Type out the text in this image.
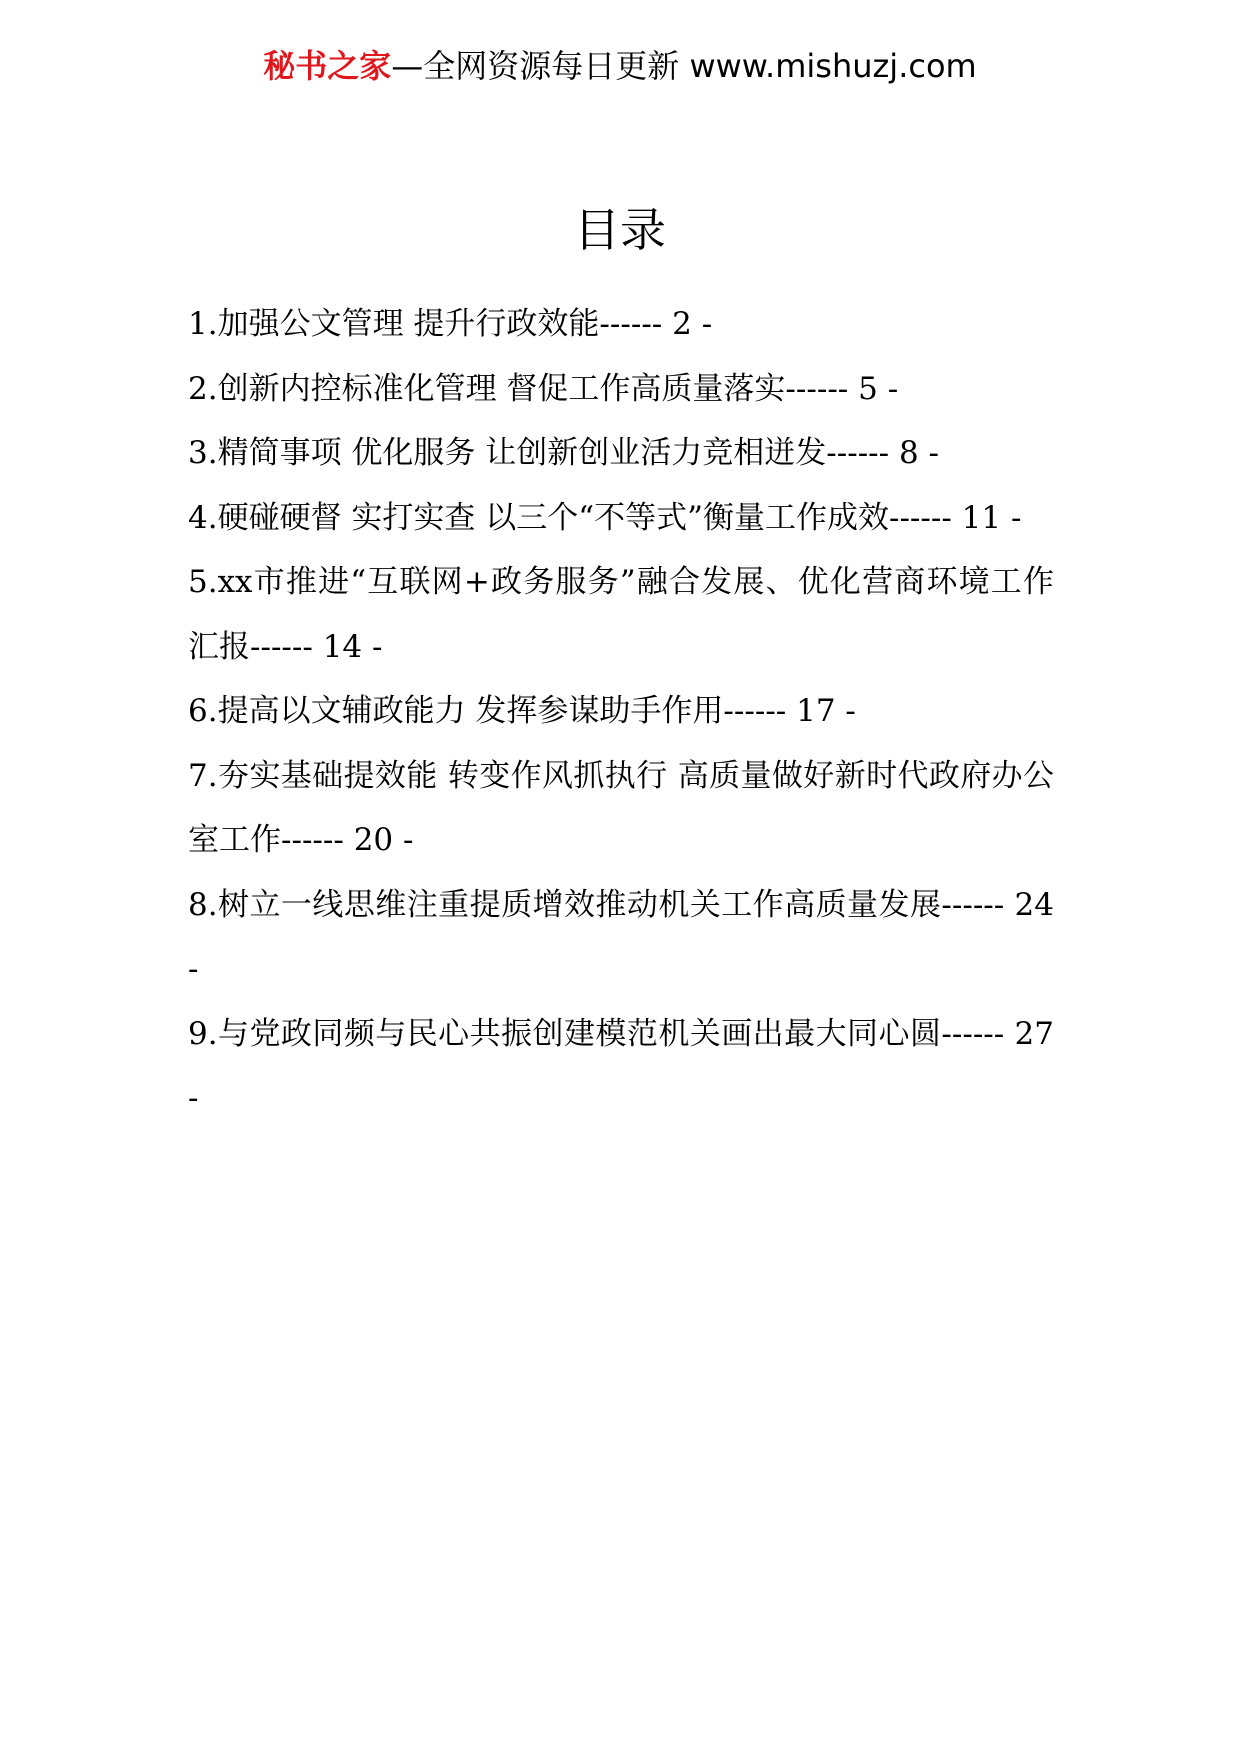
秘书之家—全网资源每日更新 www.mishuzj.com
目录

1.加强公文管理 提升行政效能------ 2 -

2.创新内控标准化管理 督促工作高质量落实------ 5 -

3.精简事项 优化服务 让创新创业活力竞相迸发------ 8 -

4.硬碰硬督 实打实查 以三个“不等式”衡量工作成效------ 11 -

5.xx市推进“互联网+政务服务”融合发展、优化营商环境工作汇报------ 14 -

6.提高以文辅政能力 发挥参谋助手作用------ 17 -

7.夯实基础提效能 转变作风抓执行 高质量做好新时代政府办公室工作------ 20 -

8.树立一线思维注重提质增效推动机关工作高质量发展------ 24 -

9.与党政同频与民心共振创建模范机关画出最大同心圆------ 27 -
